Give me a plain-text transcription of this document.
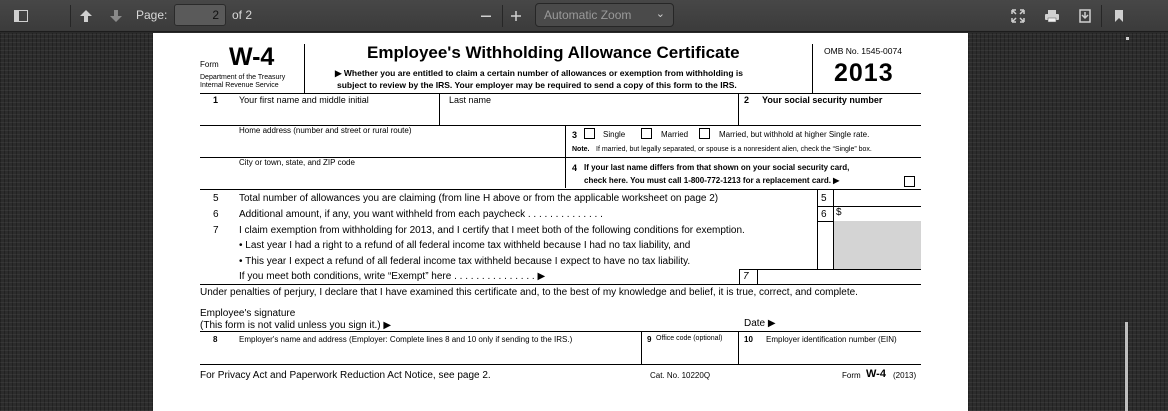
Page:
2	of 2	Automatic Zoom ⌄
Form W-4
Department of the Treasury
Internal Revenue Service
Employee's Withholding Allowance Certificate
▶ Whether you are entitled to claim a certain number of allowances or exemption from withholding is
subject to review by the IRS. Your employer may be required to send a copy of this form to the IRS.
OMB No. 1545-0074
2013
1 Your first name and middle initial	Last name	2 Your social security number
Home address (number and street or rural route)	3	Single	Married	Married, but withhold at higher Single rate.
Note. If married, but legally separated, or spouse is a nonresident alien, check the “Single” box.
City or town, state, and ZIP code
4 If your last name differs from that shown on your social security card,
check here. You must call 1-800-772-1213 for a replacement card. ▶
5 Total number of allowances you are claiming (from line H above or from the applicable worksheet on page 2)	5
6 Additional amount, if any, you want withheld from each paycheck . . . . . . . . . . . . . .	6 $
7 I claim exemption from withholding for 2013, and I certify that I meet both of the following conditions for exemption.
• Last year I had a right to a refund of all federal income tax withheld because I had no tax liability, and
• This year I expect a refund of all federal income tax withheld because I expect to have no tax liability.
If you meet both conditions, write “Exempt” here . . . . . . . . . . . . . . . ▶	7
Under penalties of perjury, I declare that I have examined this certificate and, to the best of my knowledge and belief, it is true, correct, and complete.
Employee's signature
(This form is not valid unless you sign it.) ▶	Date ▶
8	Employer's name and address (Employer: Complete lines 8 and 10 only if sending to the IRS.)	9 Office code (optional)	10 Employer identification number (EIN)
For Privacy Act and Paperwork Reduction Act Notice, see page 2.	Cat. No. 10220Q	Form W-4 (2013)
